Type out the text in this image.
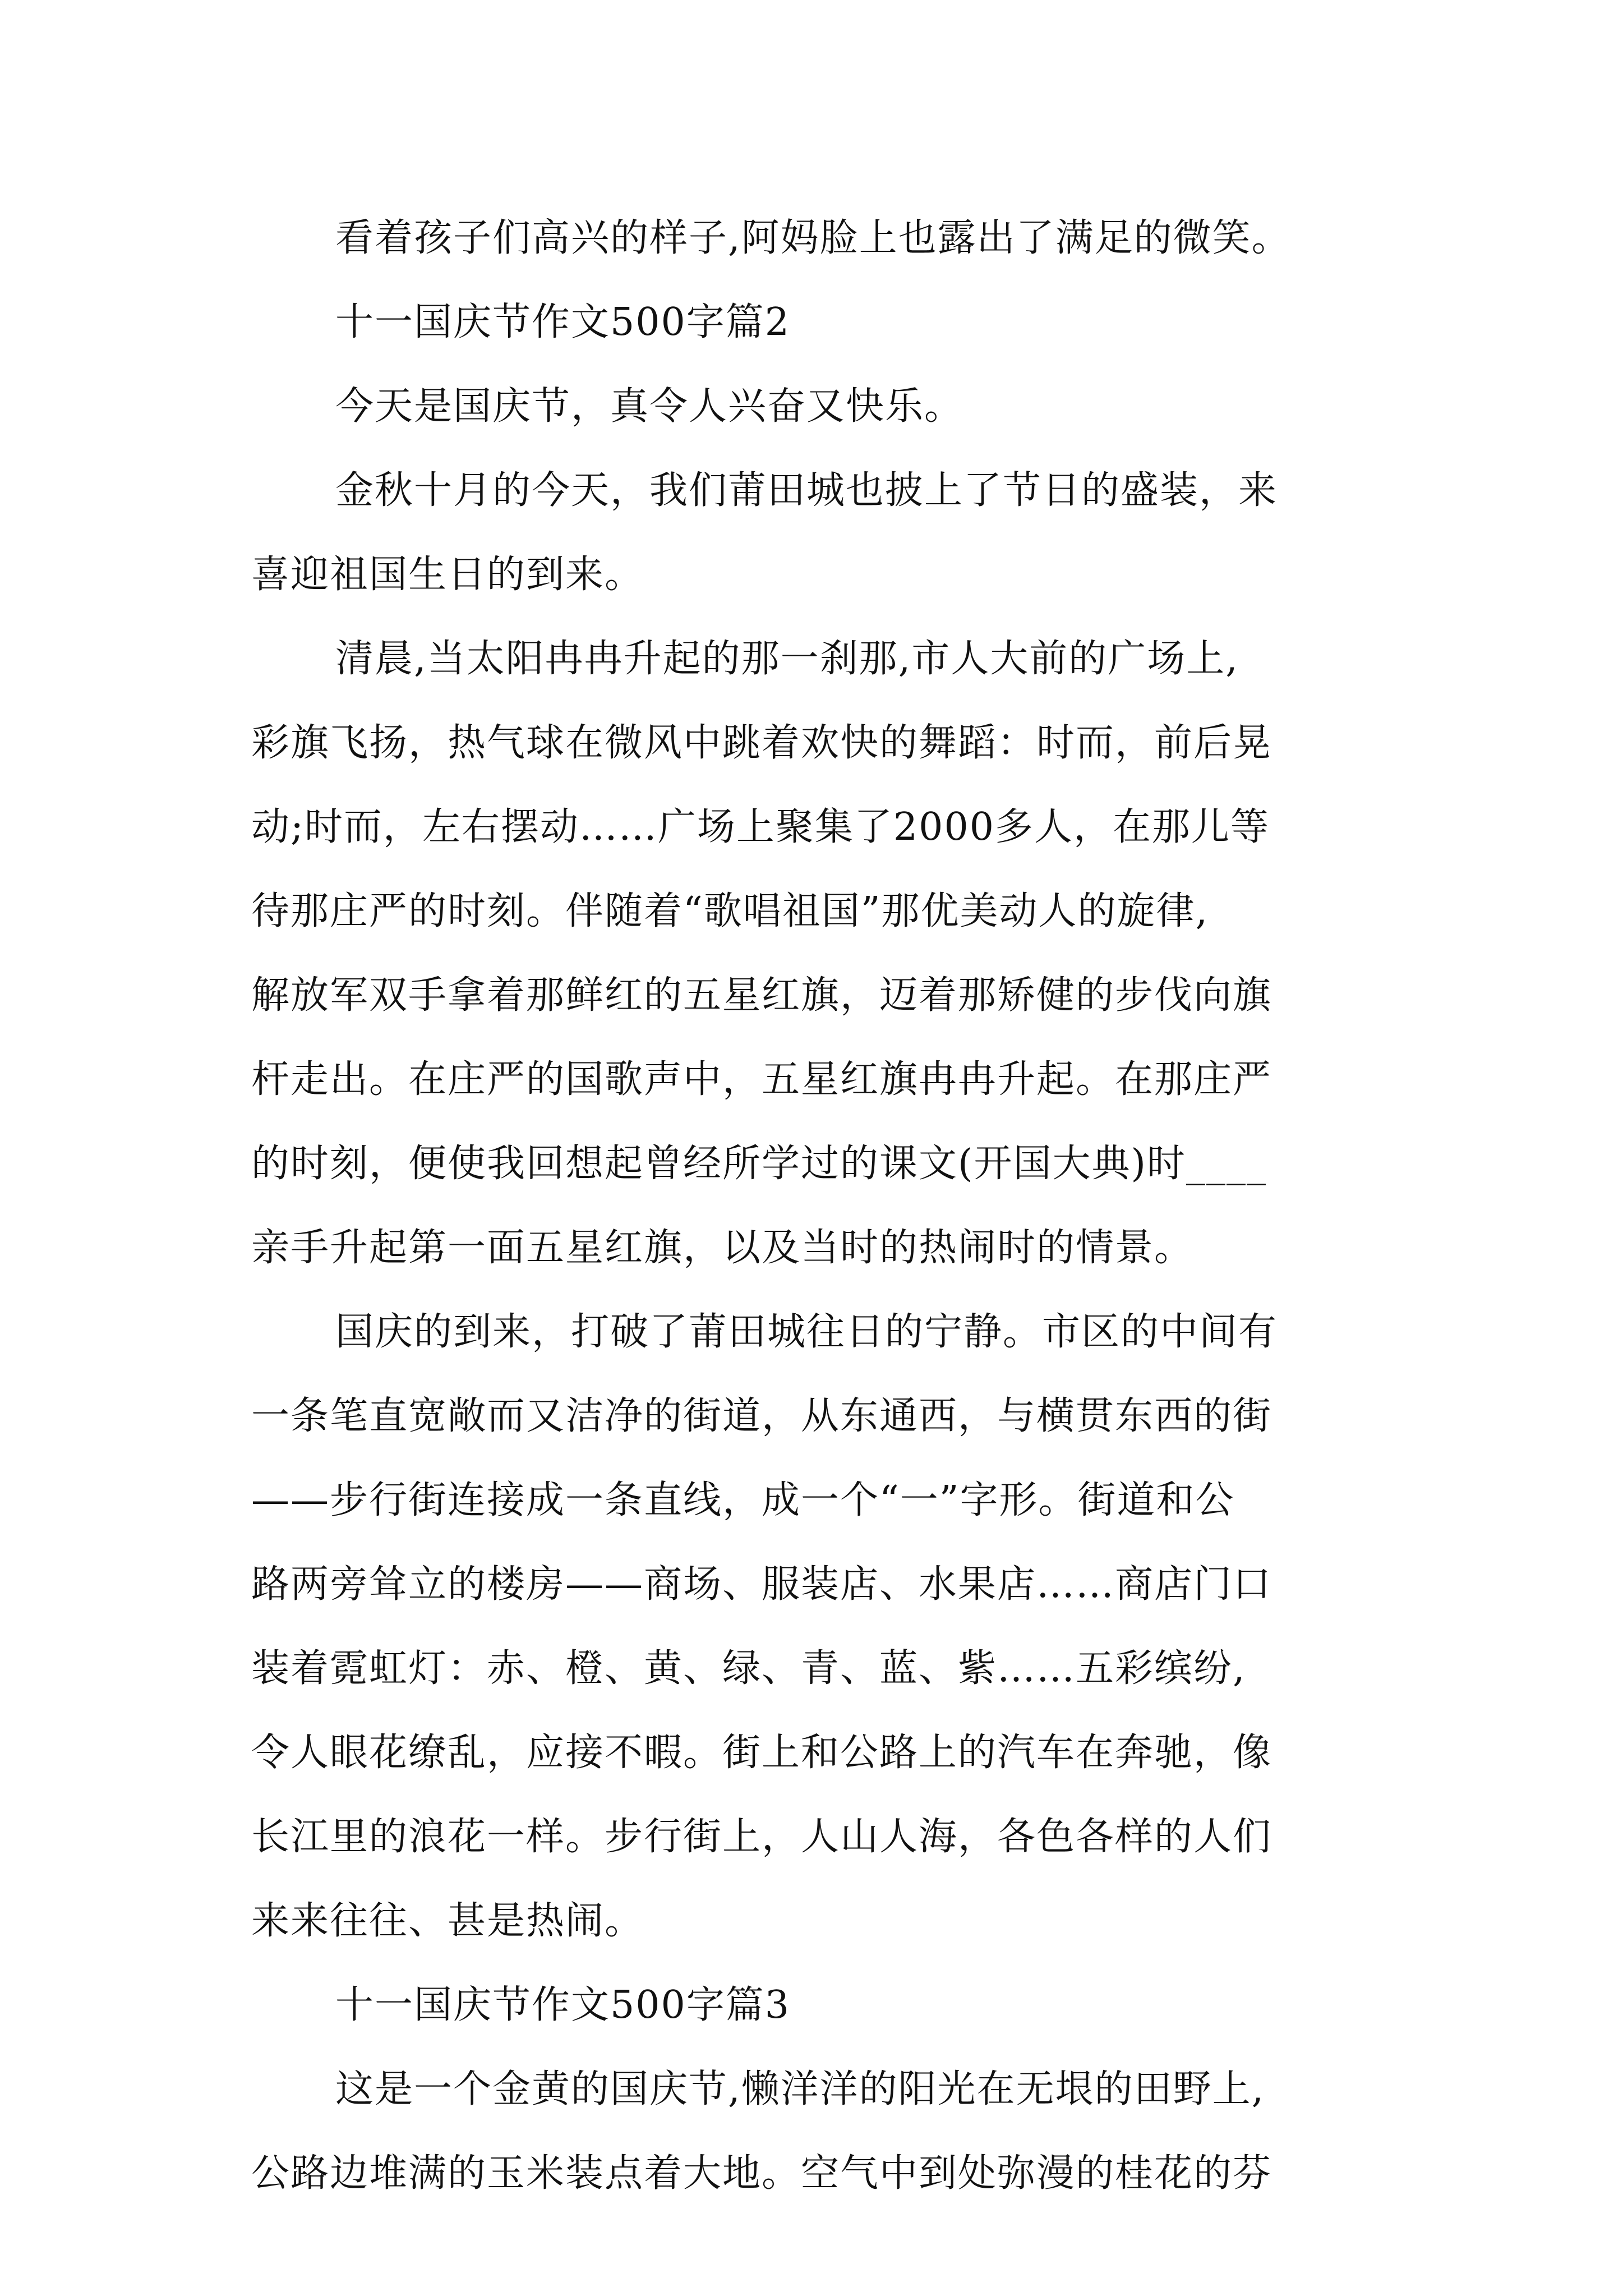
看着孩子们高兴的样子,阿妈脸上也露出了满足的微笑。
十一国庆节作文500字篇2
今天是国庆节，真令人兴奋又快乐。
金秋十月的今天，我们莆田城也披上了节日的盛装，来
喜迎祖国生日的到来。
清晨,当太阳冉冉升起的那一刹那,市人大前的广场上,
彩旗飞扬，热气球在微风中跳着欢快的舞蹈：时而，前后晃
动;时而，左右摆动……广场上聚集了2000多人，在那儿等
待那庄严的时刻。伴随着“歌唱祖国”那优美动人的旋律,
解放军双手拿着那鲜红的五星红旗，迈着那矫健的步伐向旗
杆走出。在庄严的国歌声中，五星红旗冉冉升起。在那庄严
的时刻，便使我回想起曾经所学过的课文(开国大典)时____
亲手升起第一面五星红旗，以及当时的热闹时的情景。
国庆的到来，打破了莆田城往日的宁静。市区的中间有
一条笔直宽敞而又洁净的街道，从东通西，与横贯东西的街
——步行街连接成一条直线，成一个“一”字形。街道和公
路两旁耸立的楼房——商场、服装店、水果店……商店门口
装着霓虹灯：赤、橙、黄、绿、青、蓝、紫……五彩缤纷,
令人眼花缭乱，应接不暇。街上和公路上的汽车在奔驰，像
长江里的浪花一样。步行街上，人山人海，各色各样的人们
来来往往、甚是热闹。
十一国庆节作文500字篇3
这是一个金黄的国庆节,懒洋洋的阳光在无垠的田野上,
公路边堆满的玉米装点着大地。空气中到处弥漫的桂花的芬
